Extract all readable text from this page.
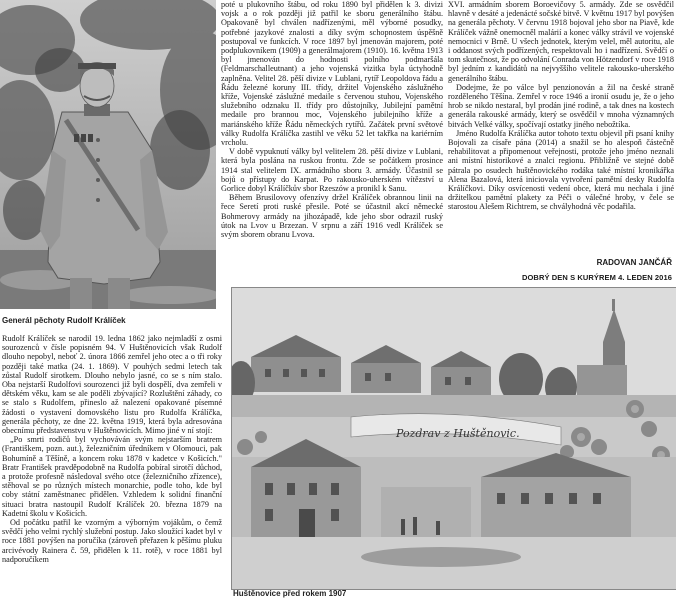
Generál pěchoty Rudolf Králíček

poté u plukovního štábu, od roku 1890 byl přidělen k 3. divizi vojsk a o rok později již patřil ke sboru generálního štábu. Opakovaně byl chválen nadřízenými, měl výborné posudky, potřebné jazykové znalosti a díky svým schopnostem úspěšně postupoval ve funkcích. V roce 1897 byl jmenován majorem, poté podplukovníkem (1909) a generálmajorem (1910). 16. května 1913 byl jmenován do hodnosti polního podmaršála (Feldmarschalleutnant) a jeho vojenská vizitka byla úctyhodně zaplněna. Velitel 28. pěší divize v Lublani, rytíř Leopoldova řádu a Řádu železné koruny III. třídy, držitel Vojenského záslužného kříže, Vojenské záslužné medaile s červenou stuhou, Vojenského služebního odznaku II. třídy pro důstojníky, Jubilejní pamětní medaile pro brannou moc, Vojenského jubilejního kříže a mariánského kříže Řádu německých rytířů. Začátek první světové války Rudolfa Králíčka zastihl ve věku 52 let takřka na kariérním vrcholu.

V době vypuknutí války byl velitelem 28. pěší divize v Lublani, která byla poslána na ruskou frontu. Zde se počátkem prosince 1914 stal velitelem IX. armádního sboru 3. armády. Účastnil se bojů o přístupy do Karpat. Po rakousko-uherském vítězství u Gorlice dobyl Králíčkův sbor Rzeszów a pronikl k Sanu.

Během Brusilovovy ofenzívy držel Králíček obrannou linii na řece Seretí proti ruské přesile. Poté se účastnil akcí německé Bohmerovy armády na jihozápadě, kde jeho sbor odrazil ruský útok na Lvov u Brzezan. V srpnu a září 1916 vedl Králíček se svým sborem obranu Lvova.

XVI. armádním sborem Boroevičovy 5. armády. Zde se osvědčil hlavně v desáté a jedenácté sočské bitvě. V květnu 1917 byl povýšen na generála pěchoty. V červnu 1918 bojoval jeho sbor na Piavě, kde Králíček vážně onemocněl malárií a konec války strávil ve vojenské nemocnici v Brně. U všech jednotek, kterým velel, měl autoritu, ale i oddanost svých podřízených, respektovali ho i nadřízení. Svědčí o tom skutečnost, že po odvolání Conrada von Hötzendorf v roce 1918 byl jedním z kandidátů na nejvyššího velitele rakousko-uherského generálního štábu.

Dodejme, že po válce byl penzionován a žil na české straně rozděleného Těšína. Zemřel v roce 1946 a ironií osudu je, že o jeho hrob se nikdo nestaral, byl prodán jiné rodině, a tak dnes na kostech generála rakouské armády, který se osvědčil v mnoha významných bitvách Velké války, spočívají ostatky jiného nebožtíka.

Jméno Rudolfa Králíčka autor tohoto textu objevil při psaní knihy Bojovali za císaře pána (2014) a snažil se ho alespoň částečně rehabilitovat a připomenout veřejnosti, protože jeho jméno neznali ani místní historikové a znalci regionu. Přibližně ve stejné době pátrala po osudech huštěnovického rodáka také místní kronikářka Alena Bazalová, která iniciovala vytvoření pamětní desky Rudolfa Králíčkovi. Díky osvícenosti vedení obce, která mu nechala i jiné držitelkou pamětní plakety za Péči o válečné hroby, v čele se starostou Alešem Richtrem, se chvályhodná věc podařila.

RADOVAN JANČÁŘ

DOBRÝ DEN S KURÝREM 4. LEDEN 2016

Rudolf Králíček se narodil 19. ledna 1862 jako nejmladší z osmi sourozenců v čísle popisném 94. V Huštěnovicích však Rudolf dlouho nepobyl, neboť 2. února 1866 zemřel jeho otec a o tři roky později také matka (24. 1. 1869). V pouhých sedmi letech tak zůstal Rudolf sirotkem. Dlouho nebylo jasné, co se s ním stalo. Oba nejstarší Rudolfovi sourozenci již byli dospělí, dva zemřeli v dětském věku, kam se ale poděli zbývající? Rozluštění záhady, co se stalo s Rudolfem, přineslo až nalezení opakované písemné žádosti o vystavení domovského listu pro Rudolfa Králíčka, generála pěchoty, ze dne 22. května 1919, která byla adresována obecnímu představenstvu v Huštěnovicích. Mimo jiné v ní stojí:

„Po smrti rodičů byl vychováván svým nejstarším bratrem (Františkem, pozn. aut.), železničním úředníkem v Olomouci, pak Bohumíně a Těšíně, a koncem roku 1878 v kadetce v Košicích." Bratr František pravděpodobně na Rudolfa pobíral sirotčí důchod, a protože profesně následoval svého otce (železničního zřízence), stěhoval se po různých místech monarchie, podle toho, kde byl coby státní zaměstnanec přidělen. Vzhledem k solidní finanční situaci bratra nastoupil Rudolf Králíček 20. března 1879 na Kadetní školu v Košicích.

Od počátku patřil ke vzorným a výborným vojákům, o čemž svědčí jeho velmi rychlý služební postup. Jako sloužící kadet byl v roce 1881 povýšen na poručíka (zároveň přeřazen k pěšímu pluku arcivévody Rainera č. 59, přidělen k 11. rotě), v roce 1881 byl nadporučíkem

Pozdrav z Huštěnovic.

Huštěnovice před rokem 1907
